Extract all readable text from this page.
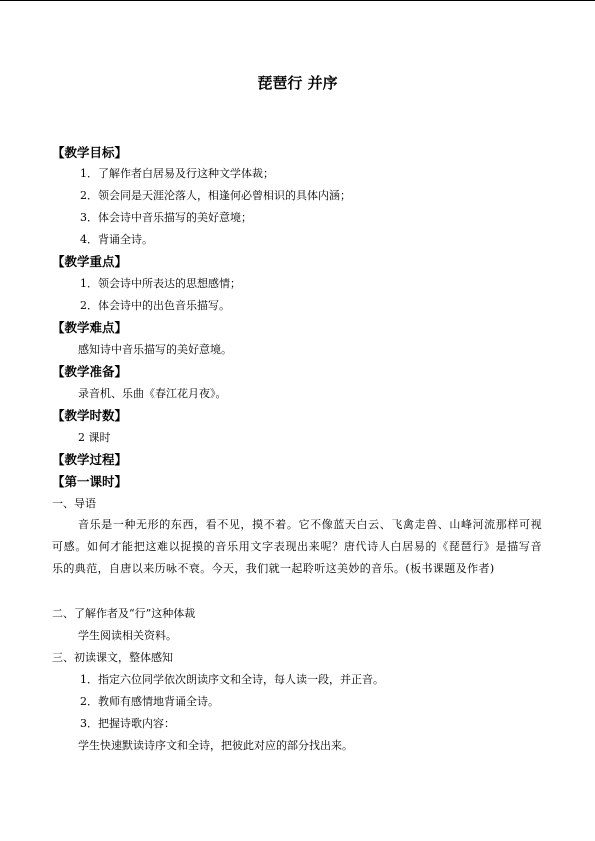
琵琶行 并序
【教学目标】
1．了解作者白居易及行这种文学体裁；
2．领会同是天涯沦落人，相逢何必曾相识的具体内涵；
3．体会诗中音乐描写的美好意境；
4．背诵全诗。
【教学重点】
1．领会诗中所表达的思想感情；
2．体会诗中的出色音乐描写。
【教学难点】
感知诗中音乐描写的美好意境。
【教学准备】
录音机、乐曲《春江花月夜》。
【教学时数】
2 课时
【教学过程】
【第一课时】
一、导语
音乐是一种无形的东西，看不见，摸不着。它不像蓝天白云、飞禽走兽、山峰河流那样可视可感。如何才能把这难以捉摸的音乐用文字表现出来呢？唐代诗人白居易的《琵琶行》是描写音乐的典范，自唐以来历咏不衰。今天，我们就一起聆听这美妙的音乐。(板书课题及作者)
二、了解作者及“行”这种体裁
学生阅读相关资料。
三、初读课文，整体感知
1．指定六位同学依次朗读序文和全诗，每人读一段，并正音。
2．教师有感情地背诵全诗。
3．把握诗歌内容：
学生快速默读诗序文和全诗，把彼此对应的部分找出来。
